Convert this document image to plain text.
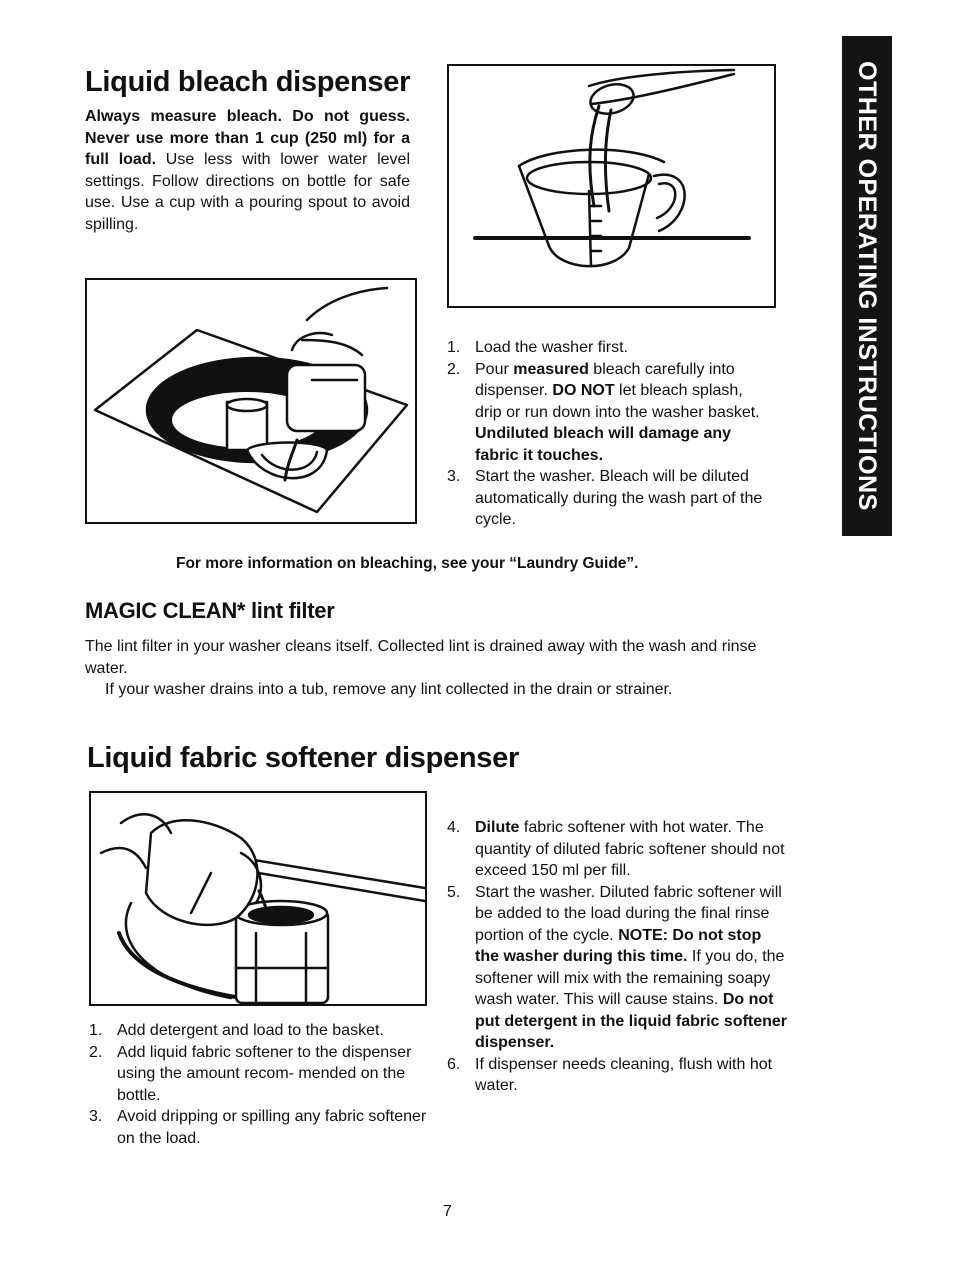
OTHER OPERATING INSTRUCTIONS
Liquid bleach dispenser
Always measure bleach. Do not guess. Never use more than 1 cup (250 ml) for a full load. Use less with lower water level settings. Follow directions on bottle for safe use. Use a cup with a pouring spout to avoid spilling.
1. Load the washer first.
2. Pour measured bleach carefully into dispenser. DO NOT let bleach splash, drip or run down into the washer basket. Undiluted bleach will damage any fabric it touches.
3. Start the washer. Bleach will be diluted automatically during the wash part of the cycle.
For more information on bleaching, see your “Laundry Guide”.
MAGIC CLEAN* lint filter
The lint filter in your washer cleans itself. Collected lint is drained away with the wash and rinse water.
If your washer drains into a tub, remove any lint collected in the drain or strainer.
Liquid fabric softener dispenser
1. Add detergent and load to the basket.
2. Add liquid fabric softener to the dispenser using the amount recom- mended on the bottle.
3. Avoid dripping or spilling any fabric softener on the load.
4. Dilute fabric softener with hot water. The quantity of diluted fabric softener should not exceed 150 ml per fill.
5. Start the washer. Diluted fabric softener will be added to the load during the final rinse portion of the cycle. NOTE: Do not stop the washer during this time. If you do, the softener will mix with the remaining soapy wash water. This will cause stains. Do not put detergent in the liquid fabric softener dispenser.
6. If dispenser needs cleaning, flush with hot water.
7
